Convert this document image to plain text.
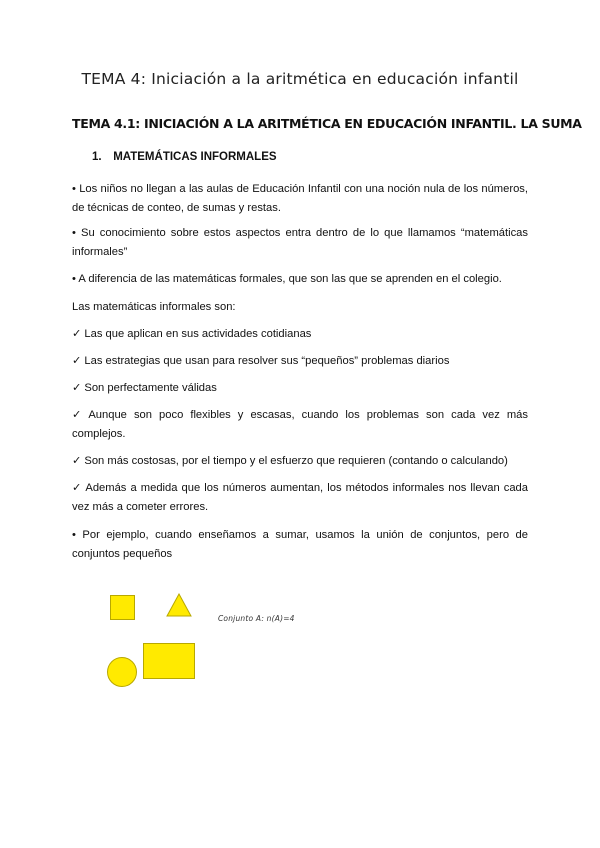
TEMA 4: Iniciación a la aritmética en educación infantil
TEMA 4.1: INICIACIÓN A LA ARITMÉTICA EN EDUCACIÓN INFANTIL. LA SUMA
1. MATEMÁTICAS INFORMALES
• Los niños no llegan a las aulas de Educación Infantil con una noción nula de los números, de técnicas de conteo, de sumas y restas.
• Su conocimiento sobre estos aspectos entra dentro de lo que llamamos “matemáticas informales”
• A diferencia de las matemáticas formales, que son las que se aprenden en el colegio.
Las matemáticas informales son:
✓ Las que aplican en sus actividades cotidianas
✓ Las estrategias que usan para resolver sus “pequeños” problemas diarios
✓ Son perfectamente válidas
✓ Aunque son poco flexibles y escasas, cuando los problemas son cada vez más complejos.
✓ Son más costosas, por el tiempo y el esfuerzo que requieren (contando o calculando)
✓ Además a medida que los números aumentan, los métodos informales nos llevan cada vez más a cometer errores.
• Por ejemplo, cuando enseñamos a sumar, usamos la unión de conjuntos, pero de conjuntos pequeños
Conjunto A: n(A)=4
